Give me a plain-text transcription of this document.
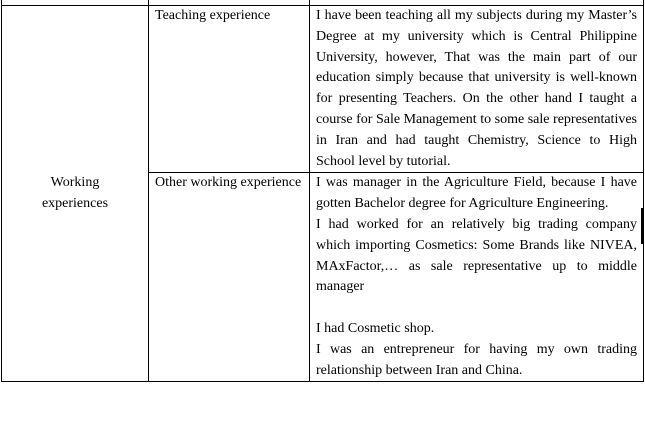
Working
experiences	Teaching experience	I have been teaching all my subjects during my Master’s Degree at my university which is Central Philippine University, however, That was the main part of our education simply because that university is well-known for presenting Teachers. On the other hand I taught a course for Sale Management to some sale representatives in Iran and had taught Chemistry, Science to High School level by tutorial.

	Other working experience	I was manager in the Agriculture Field, because I have gotten Bachelor degree for Agriculture Engineering.

I had worked for an relatively big trading company which importing Cosmetics: Some Brands like NIVEA, MAxFactor,… as sale representative up to middle manager

I had Cosmetic shop.

I was an entrepreneur for having my own trading relationship between Iran and China.
